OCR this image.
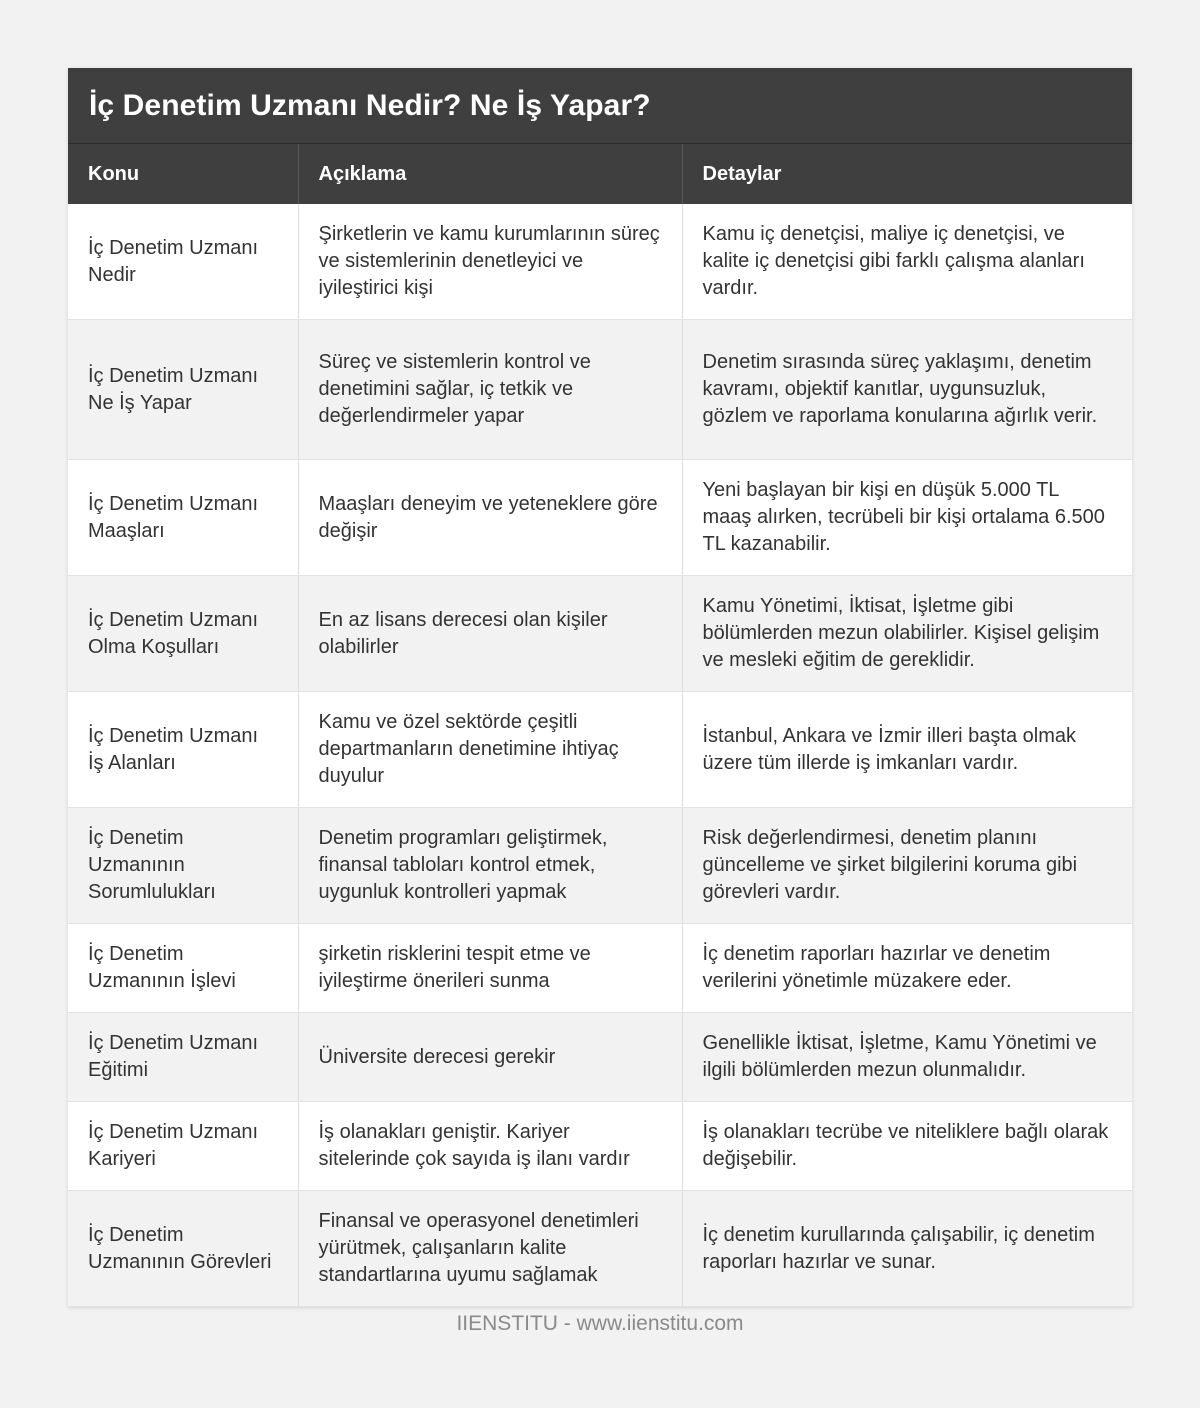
İç Denetim Uzmanı Nedir? Ne İş Yapar?
Konu	Açıklama	Detaylar
İç Denetim Uzmanı Nedir	Şirketlerin ve kamu kurumlarının süreç ve sistemlerinin denetleyici ve iyileştirici kişi	Kamu iç denetçisi, maliye iç denetçisi, ve kalite iç denetçisi gibi farklı çalışma alanları vardır.
İç Denetim Uzmanı Ne İş Yapar	Süreç ve sistemlerin kontrol ve denetimini sağlar, iç tetkik ve değerlendirmeler yapar	Denetim sırasında süreç yaklaşımı, denetim kavramı, objektif kanıtlar, uygunsuzluk, gözlem ve raporlama konularına ağırlık verir.
İç Denetim Uzmanı Maaşları	Maaşları deneyim ve yeteneklere göre değişir	Yeni başlayan bir kişi en düşük 5.000 TL maaş alırken, tecrübeli bir kişi ortalama 6.500 TL kazanabilir.
İç Denetim Uzmanı Olma Koşulları	En az lisans derecesi olan kişiler olabilirler	Kamu Yönetimi, İktisat, İşletme gibi bölümlerden mezun olabilirler. Kişisel gelişim ve mesleki eğitim de gereklidir.
İç Denetim Uzmanı İş Alanları	Kamu ve özel sektörde çeşitli departmanların denetimine ihtiyaç duyulur	İstanbul, Ankara ve İzmir illeri başta olmak üzere tüm illerde iş imkanları vardır.
İç Denetim Uzmanının Sorumlulukları	Denetim programları geliştirmek, finansal tabloları kontrol etmek, uygunluk kontrolleri yapmak	Risk değerlendirmesi, denetim planını güncelleme ve şirket bilgilerini koruma gibi görevleri vardır.
İç Denetim Uzmanının İşlevi	şirketin risklerini tespit etme ve iyileştirme önerileri sunma	İç denetim raporları hazırlar ve denetim verilerini yönetimle müzakere eder.
İç Denetim Uzmanı Eğitimi	Üniversite derecesi gerekir	Genellikle İktisat, İşletme, Kamu Yönetimi ve ilgili bölümlerden mezun olunmalıdır.
İç Denetim Uzmanı Kariyeri	İş olanakları geniştir. Kariyer sitelerinde çok sayıda iş ilanı vardır	İş olanakları tecrübe ve niteliklere bağlı olarak değişebilir.
İç Denetim Uzmanının Görevleri	Finansal ve operasyonel denetimleri yürütmek, çalışanların kalite standartlarına uyumu sağlamak	İç denetim kurullarında çalışabilir, iç denetim raporları hazırlar ve sunar.
IIENSTITU - www.iienstitu.com
